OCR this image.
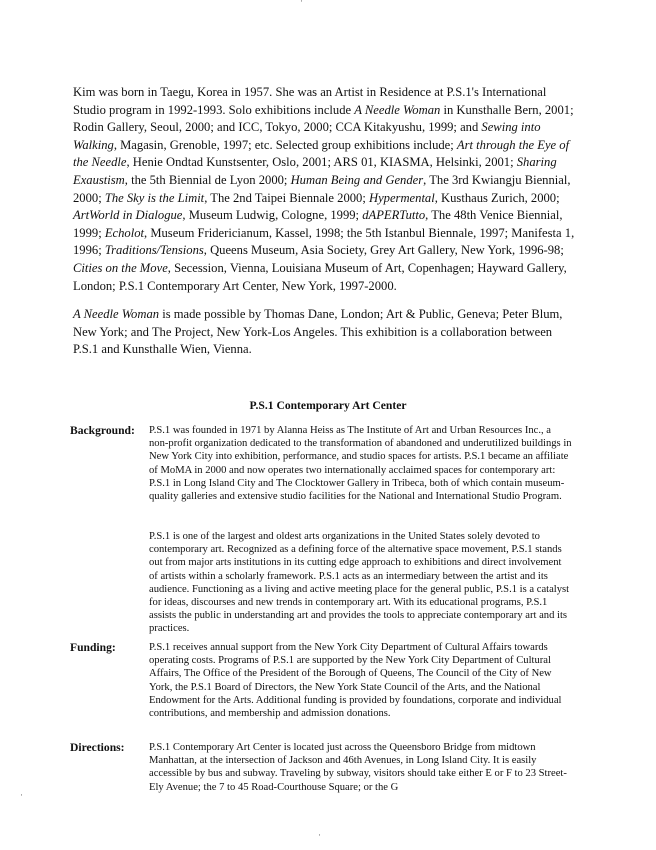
·

Kim was born in Taegu, Korea in 1957. She was an Artist in Residence at P.S.1's International Studio program in 1992-1993. Solo exhibitions include A Needle Woman in Kunsthalle Bern, 2001; Rodin Gallery, Seoul, 2000; and ICC, Tokyo, 2000; CCA Kitakyushu, 1999; and Sewing into Walking, Magasin, Grenoble, 1997; etc. Selected group exhibitions include; Art through the Eye of the Needle, Henie Ondtad Kunstsenter, Oslo, 2001; ARS 01, KIASMA, Helsinki, 2001; Sharing Exaustism, the 5th Biennial de Lyon 2000; Human Being and Gender, The 3rd Kwiangju Biennial, 2000; The Sky is the Limit, The 2nd Taipei Biennale 2000; Hypermental, Kusthaus Zurich, 2000; ArtWorld in Dialogue, Museum Ludwig, Cologne, 1999; dAPERTutto, The 48th Venice Biennial, 1999; Echolot, Museum Fridericianum, Kassel, 1998; the 5th Istanbul Biennale, 1997; Manifesta 1, 1996; Traditions/Tensions, Queens Museum, Asia Society, Grey Art Gallery, New York, 1996-98; Cities on the Move, Secession, Vienna, Louisiana Museum of Art, Copenhagen; Hayward Gallery, London; P.S.1 Contemporary Art Center, New York, 1997-2000.

A Needle Woman is made possible by Thomas Dane, London; Art & Public, Geneva; Peter Blum, New York; and The Project, New York-Los Angeles. This exhibition is a collaboration between P.S.1 and Kunsthalle Wien, Vienna.

P.S.1 Contemporary Art Center
Background:	P.S.1 was founded in 1971 by Alanna Heiss as The Institute of Art and Urban Resources Inc., a non-profit organization dedicated to the transformation of abandoned and underutilized buildings in New York City into exhibition, performance, and studio spaces for artists. P.S.1 became an affiliate of MoMA in 2000 and now operates two internationally acclaimed spaces for contemporary art: P.S.1 in Long Island City and The Clocktower Gallery in Tribeca, both of which contain museum-quality galleries and extensive studio facilities for the National and International Studio Program.

P.S.1 is one of the largest and oldest arts organizations in the United States solely devoted to contemporary art. Recognized as a defining force of the alternative space movement, P.S.1 stands out from major arts institutions in its cutting edge approach to exhibitions and direct involvement of artists within a scholarly framework. P.S.1 acts as an intermediary between the artist and its audience. Functioning as a living and active meeting place for the general public, P.S.1 is a catalyst for ideas, discourses and new trends in contemporary art. With its educational programs, P.S.1 assists the public in understanding art and provides the tools to appreciate contemporary art and its practices.

Funding:	P.S.1 receives annual support from the New York City Department of Cultural Affairs towards operating costs. Programs of P.S.1 are supported by the New York City Department of Cultural Affairs, The Office of the President of the Borough of Queens, The Council of the City of New York, the P.S.1 Board of Directors, the New York State Council of the Arts, and the National Endowment for the Arts. Additional funding is provided by foundations, corporate and individual contributions, and membership and admission donations.

Directions:	P.S.1 Contemporary Art Center is located just across the Queensboro Bridge from midtown Manhattan, at the intersection of Jackson and 46th Avenues, in Long Island City. It is easily accessible by bus and subway. Traveling by subway, visitors should take either E or F to 23 Street-Ely Avenue; the 7 to 45 Road-Courthouse Square; or the G

·
·
